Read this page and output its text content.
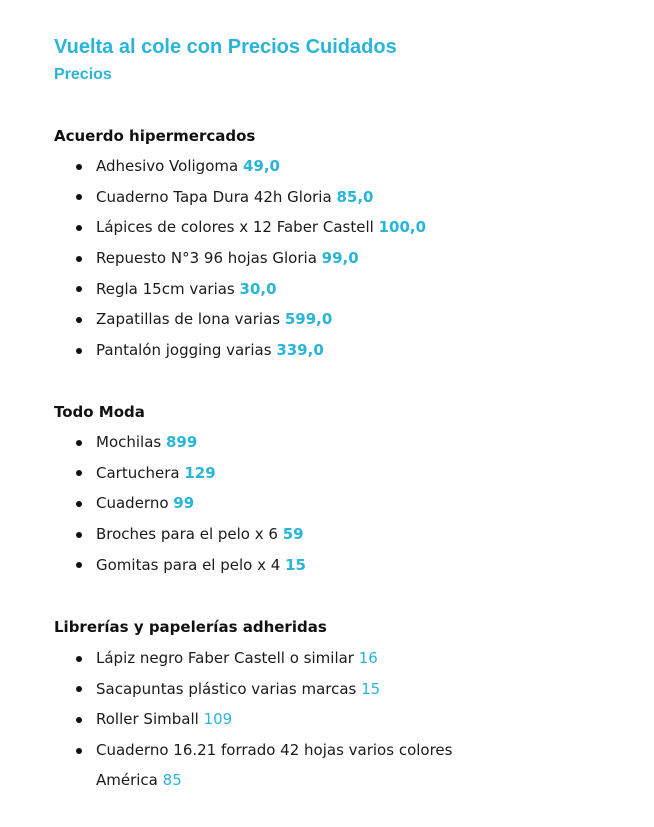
Vuelta al cole con Precios Cuidados
Precios
Acuerdo hipermercados
Adhesivo Voligoma 49,0
Cuaderno Tapa Dura 42h Gloria 85,0
Lápices de colores x 12 Faber Castell 100,0
Repuesto N°3 96 hojas Gloria 99,0
Regla 15cm varias 30,0
Zapatillas de lona varias 599,0
Pantalón jogging varias 339,0
Todo Moda
Mochilas 899
Cartuchera 129
Cuaderno 99
Broches para el pelo x 6 59
Gomitas para el pelo x 4 15
Librerías y papelerías adheridas
Lápiz negro Faber Castell o similar 16
Sacapuntas plástico varias marcas 15
Roller Simball 109
Cuaderno 16.21 forrado 42 hojas varios colores
América 85
